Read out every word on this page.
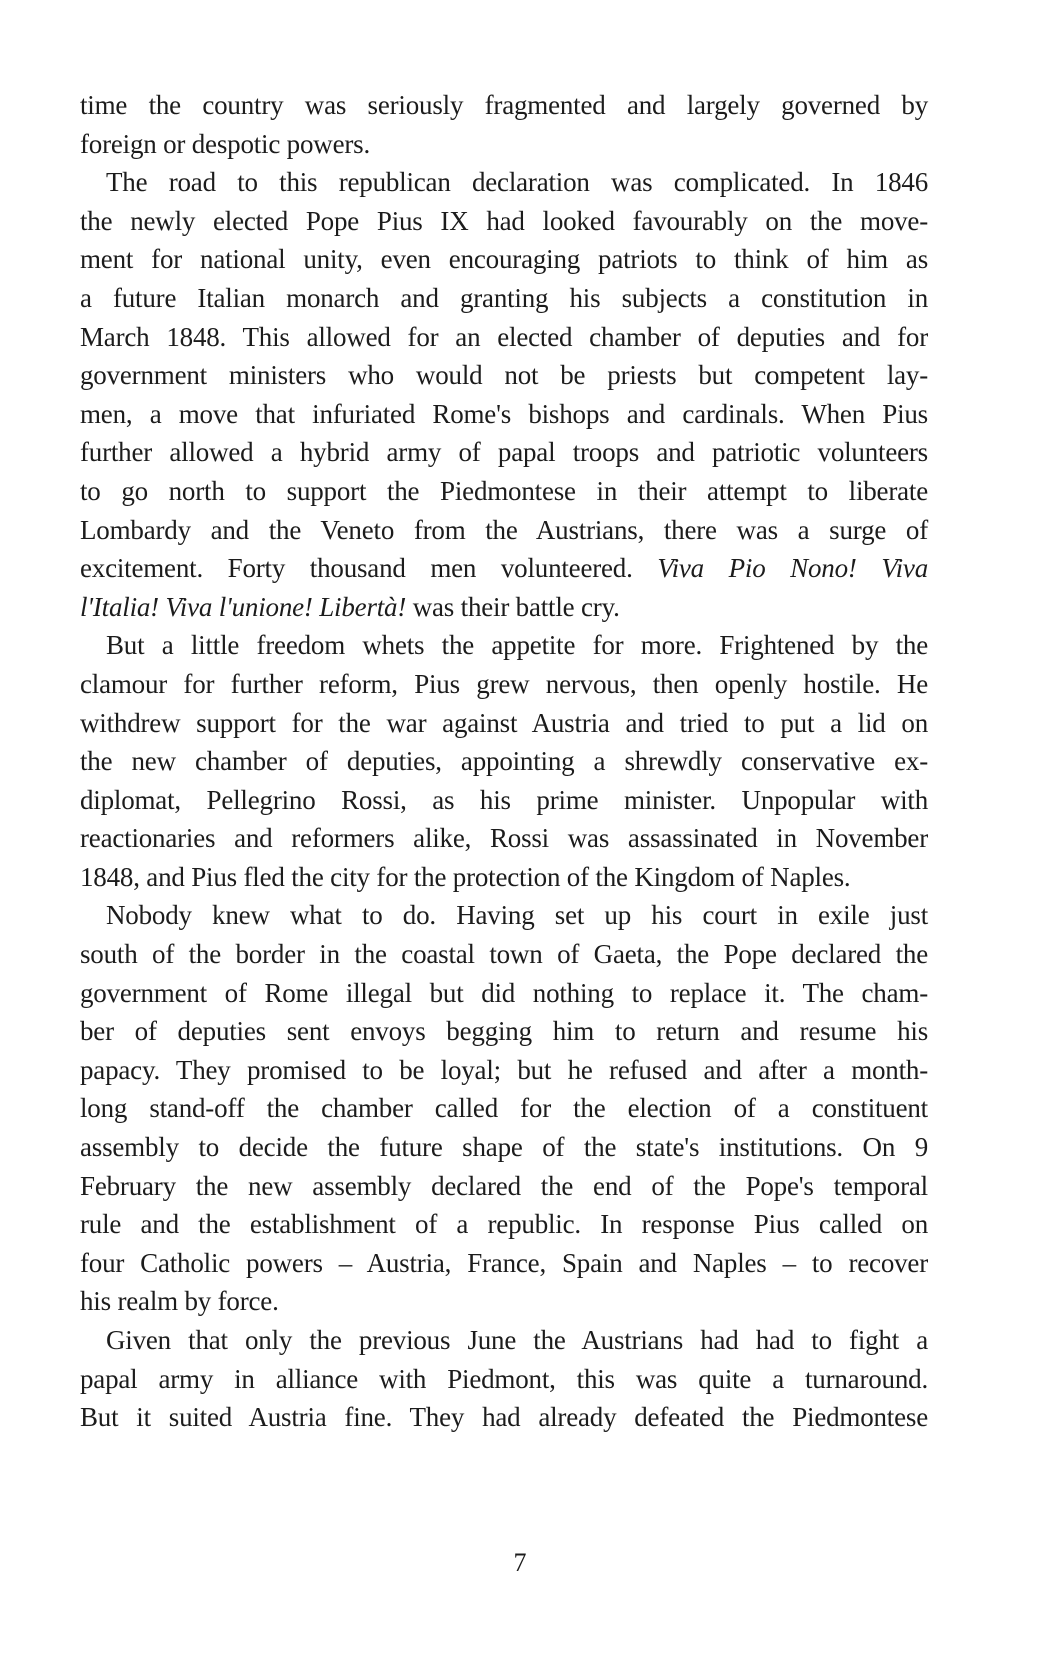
time the country was seriously fragmented and largely governed by
foreign or despotic powers.
The road to this republican declaration was complicated. In 1846
the newly elected Pope Pius IX had looked favourably on the move-
ment for national unity, even encouraging patriots to think of him as
a future Italian monarch and granting his subjects a constitution in
March 1848. This allowed for an elected chamber of deputies and for
government ministers who would not be priests but competent lay-
men, a move that infuriated Rome's bishops and cardinals. When Pius
further allowed a hybrid army of papal troops and patriotic volunteers
to go north to support the Piedmontese in their attempt to liberate
Lombardy and the Veneto from the Austrians, there was a surge of
excitement. Forty thousand men volunteered. Viva Pio Nono! Viva
l'Italia! Viva l'unione! Libertà! was their battle cry.
But a little freedom whets the appetite for more. Frightened by the
clamour for further reform, Pius grew nervous, then openly hostile. He
withdrew support for the war against Austria and tried to put a lid on
the new chamber of deputies, appointing a shrewdly conservative ex-
diplomat, Pellegrino Rossi, as his prime minister. Unpopular with
reactionaries and reformers alike, Rossi was assassinated in November
1848, and Pius fled the city for the protection of the Kingdom of Naples.
Nobody knew what to do. Having set up his court in exile just
south of the border in the coastal town of Gaeta, the Pope declared the
government of Rome illegal but did nothing to replace it. The cham-
ber of deputies sent envoys begging him to return and resume his
papacy. They promised to be loyal; but he refused and after a month-
long stand-off the chamber called for the election of a constituent
assembly to decide the future shape of the state's institutions. On 9
February the new assembly declared the end of the Pope's temporal
rule and the establishment of a republic. In response Pius called on
four Catholic powers – Austria, France, Spain and Naples – to recover
his realm by force.
Given that only the previous June the Austrians had had to fight a
papal army in alliance with Piedmont, this was quite a turnaround.
But it suited Austria fine. They had already defeated the Piedmontese
7
